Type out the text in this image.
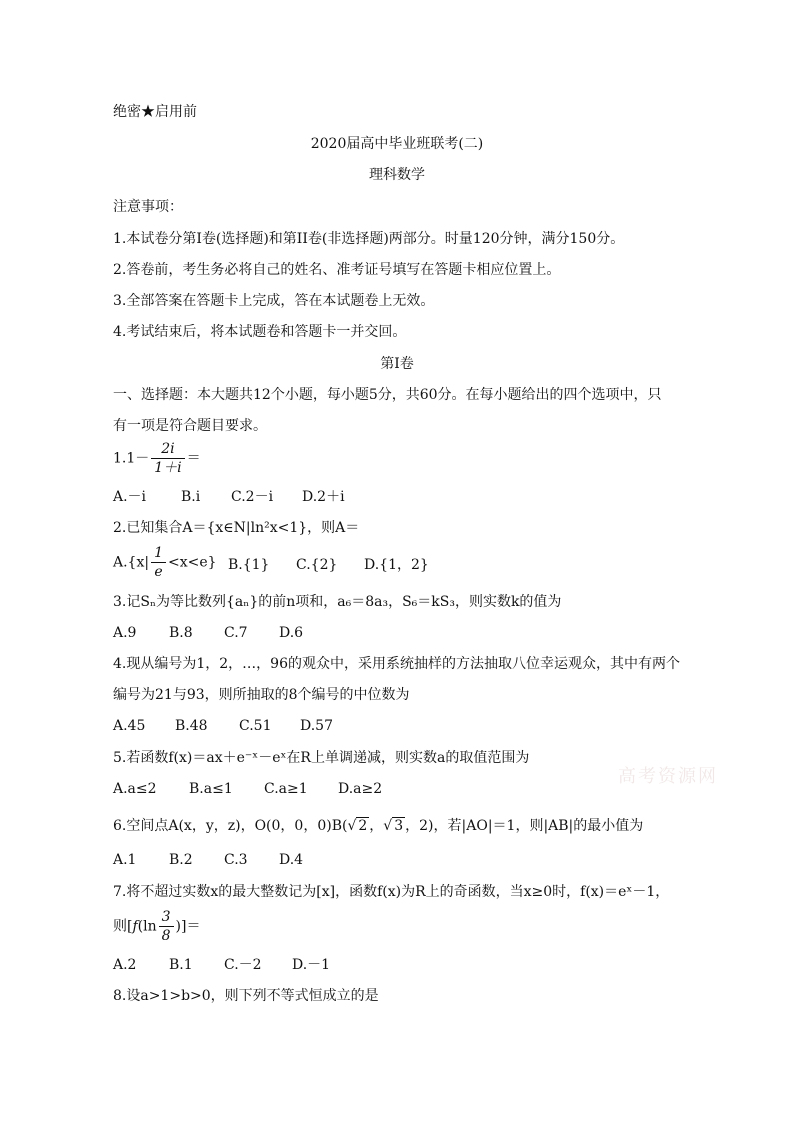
绝密★启用前
2020届高中毕业班联考(二)
理科数学
注意事项：
1.本试卷分第I卷(选择题)和第II卷(非选择题)两部分。时量120分钟，满分150分。
2.答卷前，考生务必将自己的姓名、准考证号填写在答题卡相应位置上。
3.全部答案在答题卡上完成，答在本试题卷上无效。
4.考试结束后，将本试题卷和答题卡一并交回。
第I卷
一、选择题：本大题共12个小题，每小题5分，共60分。在每小题给出的四个选项中，只
有一项是符合题目要求。
$1.1- \frac{2i}{1+i}$ ＝
A.－i B.i C.2－i D.2＋i
2.已知集合A＝{x∈N|ln²x<1}，则A＝
$A.\{x| \frac{1}{e} <x<e\}$ B.{1} C.{2} D.{1，2}
3.记Sₙ为等比数列{aₙ}的前n项和，a₆＝8a₃，S₆＝kS₃，则实数k的值为
A.9 B.8 C.7 D.6
4.现从编号为1，2，…，96的观众中，采用系统抽样的方法抽取八位幸运观众，其中有两个
编号为21与93，则所抽取的8个编号的中位数为
A.45 B.48 C.51 D.57
5.若函数f(x)＝ax＋e⁻ˣ－eˣ在R上单调递减，则实数a的取值范围为
A.a≤2 B.a≤1 C.a≥1 D.a≥2
6.空间点A(x，y，z)，O(0，0，0)B(√ 2 ，√ 3 ，2)，若|AO|＝1，则|AB|的最小值为
A.1 B.2 C.3 D.4
7.将不超过实数x的最大整数记为[x]，函数f(x)为R上的奇函数，当x≥0时，f(x)＝eˣ－1，
则[$f(\ln \frac{3}{8}$ )]＝
A.2 B.1 C.－2 D.－1
8.设a>1>b>0，则下列不等式恒成立的是
高考资源网
